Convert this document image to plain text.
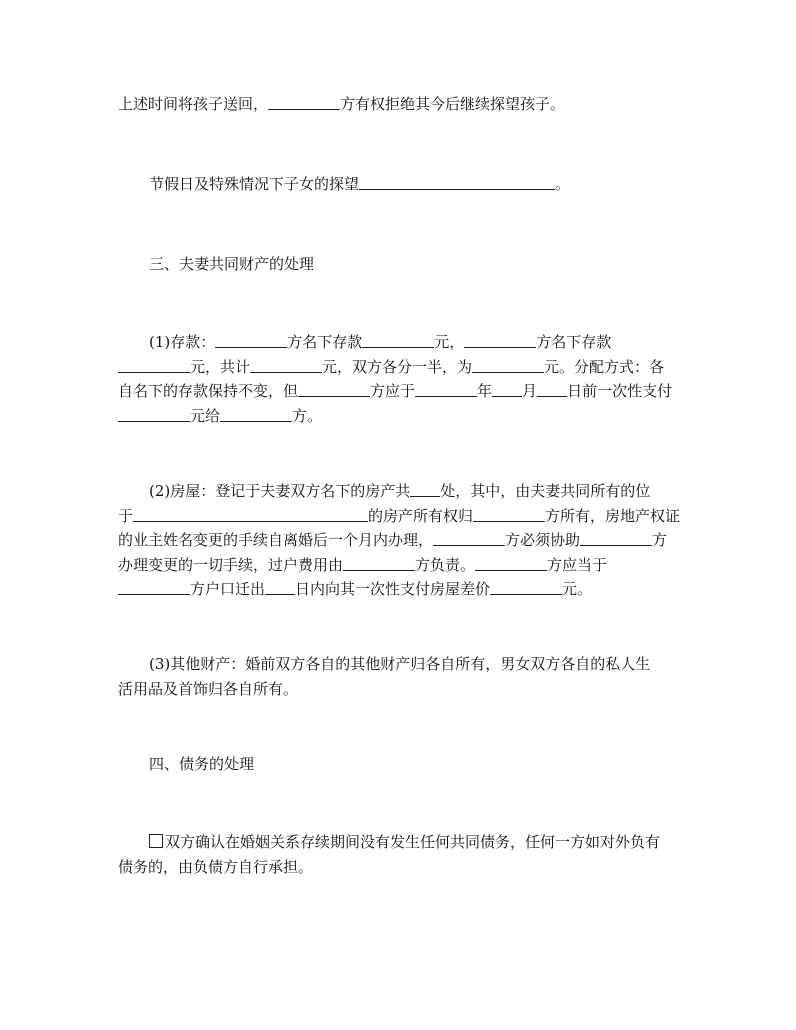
上述时间将孩子送回，	方有权拒绝其今后继续探望孩子。

节假日及特殊情况下子女的探望	。

三、夫妻共同财产的处理

(1)存款：	方名下存款	元，	方名下存款
元，共计	元，双方各分一半，为	元。分配方式：各
自名下的存款保持不变，但	方应于	年 月 日前一次性支付
元给	方。

(2)房屋：登记于夫妻双方名下的房产共 处，其中，由夫妻共同所有的位
于	的房产所有权归	方所有，房地产权证
的业主姓名变更的手续自离婚后一个月内办理，	方必须协助	方
办理变更的一切手续，过户费用由	方负责。	方应当于
方户口迁出 日内向其一次性支付房屋差价	元。

(3)其他财产：婚前双方各自的其他财产归各自所有，男女双方各自的私人生
活用品及首饰归各自所有。

四、债务的处理

双方确认在婚姻关系存续期间没有发生任何共同债务，任何一方如对外负有
债务的，由负债方自行承担。
